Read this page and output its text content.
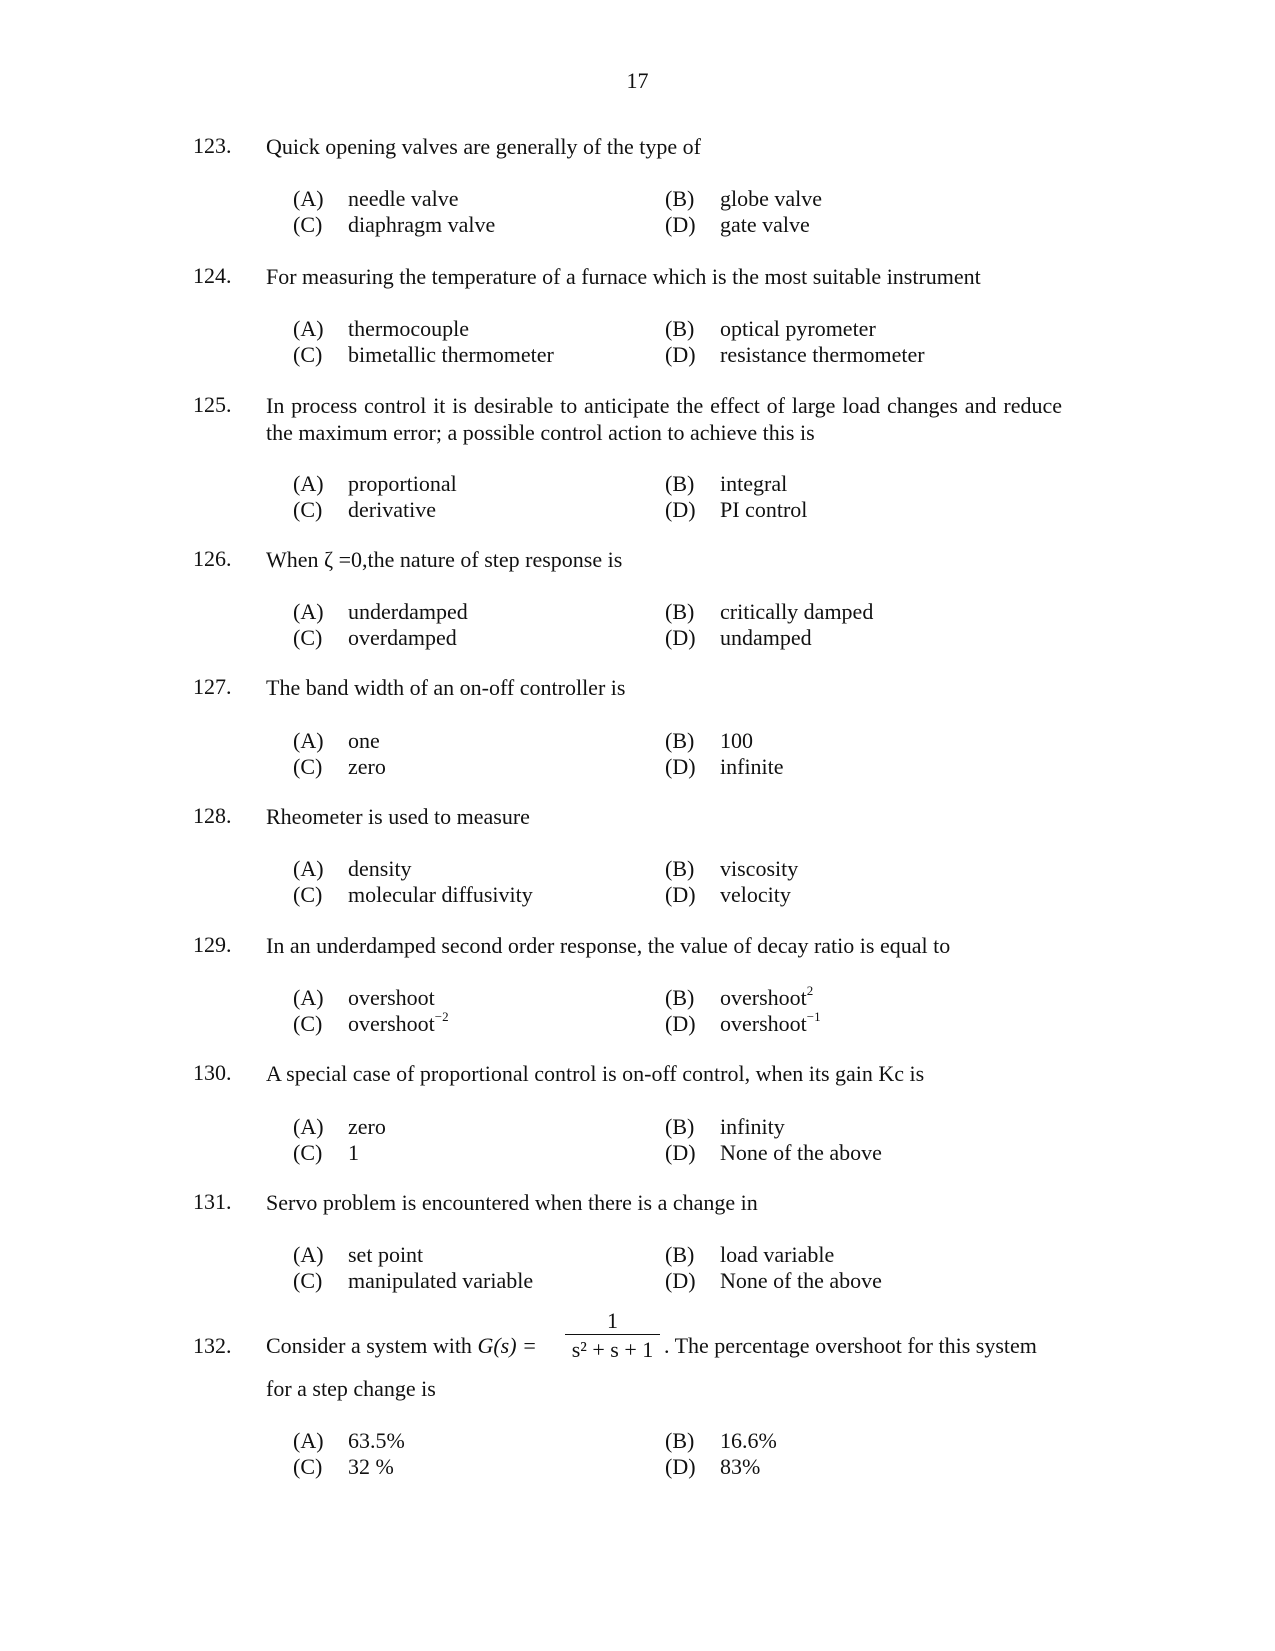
17
123. Quick opening valves are generally of the type of
(A) needle valve	(B) globe valve
(C) diaphragm valve	(D) gate valve
124. For measuring the temperature of a furnace which is the most suitable instrument
(A) thermocouple	(B) optical pyrometer
(C) bimetallic thermometer	(D) resistance thermometer
125. In process control it is desirable to anticipate the effect of large load changes and reduce the maximum error; a possible control action to achieve this is
(A) proportional	(B) integral
(C) derivative	(D) PI control
126. When ζ =0,the nature of step response is
(A) underdamped	(B) critically damped
(C) overdamped	(D) undamped
127. The band width of an on-off controller is
(A) one	(B) 100
(C) zero	(D) infinite
128. Rheometer is used to measure
(A) density	(B) viscosity
(C) molecular diffusivity	(D) velocity
129. In an underdamped second order response, the value of decay ratio is equal to
(A) overshoot	(B) overshoot$^2$
(C) overshoot$^{-2}$	(D) overshoot$^{-1}$
130. A special case of proportional control is on-off control, when its gain Kc is
(A) zero	(B) infinity
(C) 1	(D) None of the above
131. Servo problem is encountered when there is a change in
(A) set point	(B) load variable
(C) manipulated variable	(D) None of the above
132. Consider a system with G(s) =
1
s² + s + 1 . The percentage overshoot for this system
for a step change is
(A) 63.5%	(B) 16.6%
(C) 32 %	(D) 83%
